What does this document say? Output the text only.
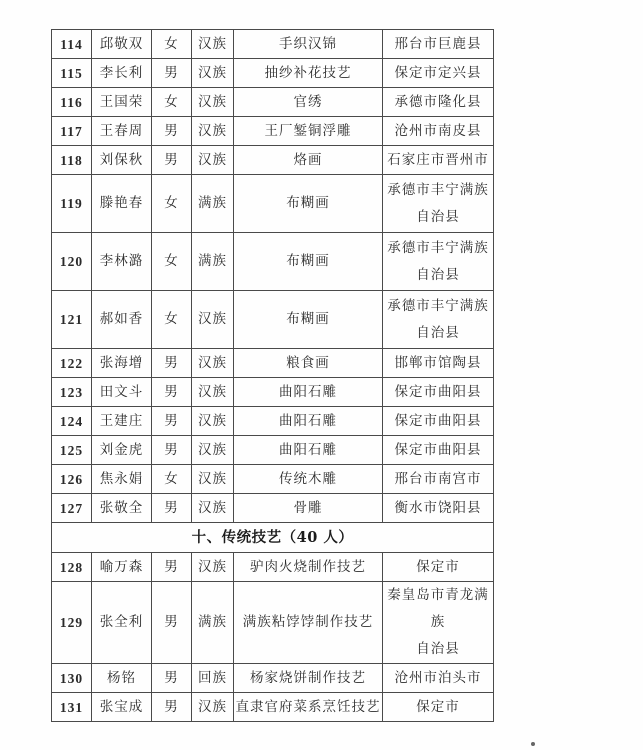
114	邱敬双	女	汉族	手织汉锦	邢台市巨鹿县

115	李长利	男	汉族	抽纱补花技艺	保定市定兴县

116	王国荣	女	汉族	官绣	承德市隆化县

117	王春周	男	汉族	王厂錾铜浮雕	沧州市南皮县

118	刘保秋	男	汉族	烙画	石家庄市晋州市

119	滕艳春	女	满族	布糊画	承德市丰宁满族
自治县

120	李林潞	女	满族	布糊画	承德市丰宁满族
自治县

121	郝如香	女	汉族	布糊画	承德市丰宁满族
自治县

122	张海增	男	汉族	粮食画	邯郸市馆陶县

123	田文斗	男	汉族	曲阳石雕	保定市曲阳县

124	王建庄	男	汉族	曲阳石雕	保定市曲阳县

125	刘金虎	男	汉族	曲阳石雕	保定市曲阳县

126	焦永娟	女	汉族	传统木雕	邢台市南宫市

127	张敬全	男	汉族	骨雕	衡水市饶阳县

十、传统技艺（40 人）					
128	喻万森	男	汉族	驴肉火烧制作技艺	保定市

129	张全利	男	满族	满族粘饽饽制作技艺	秦皇岛市青龙满族
自治县

130	杨铭	男	回族	杨家烧饼制作技艺	沧州市泊头市

131	张宝成	男	汉族	直隶官府菜系烹饪技艺	保定市
